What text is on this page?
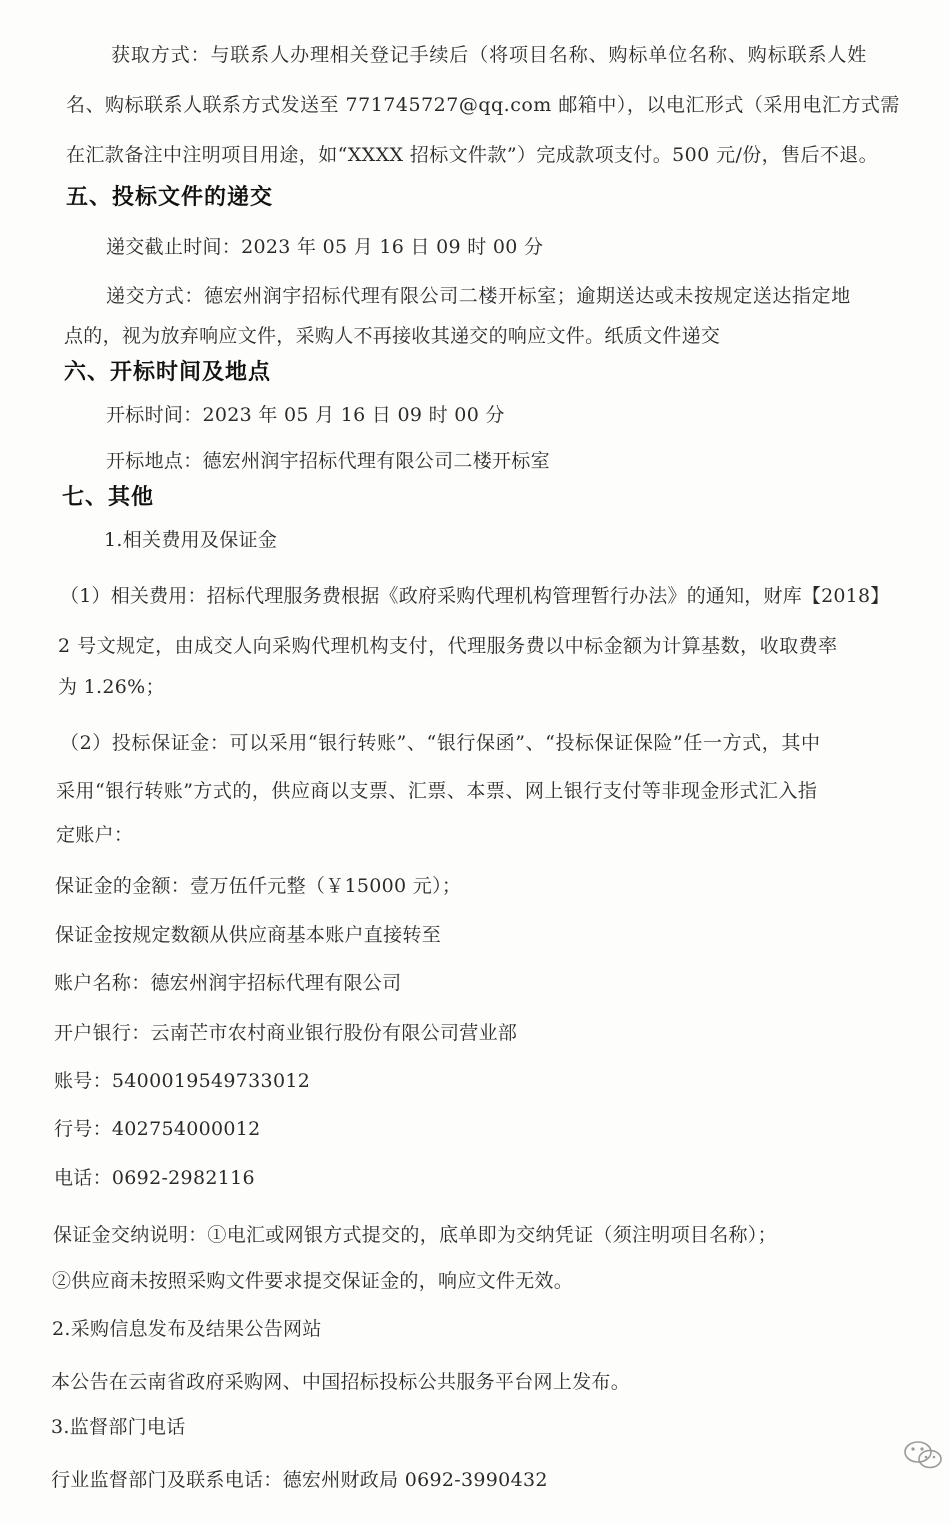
获取方式：与联系人办理相关登记手续后（将项目名称、购标单位名称、购标联系人姓
名、购标联系人联系方式发送至 771745727@qq.com 邮箱中），以电汇形式（采用电汇方式需
在汇款备注中注明项目用途，如“XXXX 招标文件款”）完成款项支付。500 元/份，售后不退。
五、投标文件的递交
递交截止时间：2023 年 05 月 16 日 09 时 00 分
递交方式：德宏州润宇招标代理有限公司二楼开标室；逾期送达或未按规定送达指定地
点的，视为放弃响应文件，采购人不再接收其递交的响应文件。纸质文件递交
六、开标时间及地点
开标时间：2023 年 05 月 16 日 09 时 00 分
开标地点：德宏州润宇招标代理有限公司二楼开标室
七、其他
1.相关费用及保证金
（1）相关费用：招标代理服务费根据《政府采购代理机构管理暂行办法》的通知，财库【2018】
2 号文规定，由成交人向采购代理机构支付，代理服务费以中标金额为计算基数，收取费率
为 1.26%；
（2）投标保证金：可以采用“银行转账”、“银行保函”、“投标保证保险”任一方式，其中
采用“银行转账”方式的，供应商以支票、汇票、本票、网上银行支付等非现金形式汇入指
定账户：
保证金的金额：壹万伍仟元整（￥15000 元）；
保证金按规定数额从供应商基本账户直接转至
账户名称：德宏州润宇招标代理有限公司
开户银行：云南芒市农村商业银行股份有限公司营业部
账号：5400019549733012
行号：402754000012
电话：0692-2982116
保证金交纳说明：①电汇或网银方式提交的，底单即为交纳凭证（须注明项目名称）；
②供应商未按照采购文件要求提交保证金的，响应文件无效。
2.采购信息发布及结果公告网站
本公告在云南省政府采购网、中国招标投标公共服务平台网上发布。
3.监督部门电话
行业监督部门及联系电话：德宏州财政局 0692-3990432
